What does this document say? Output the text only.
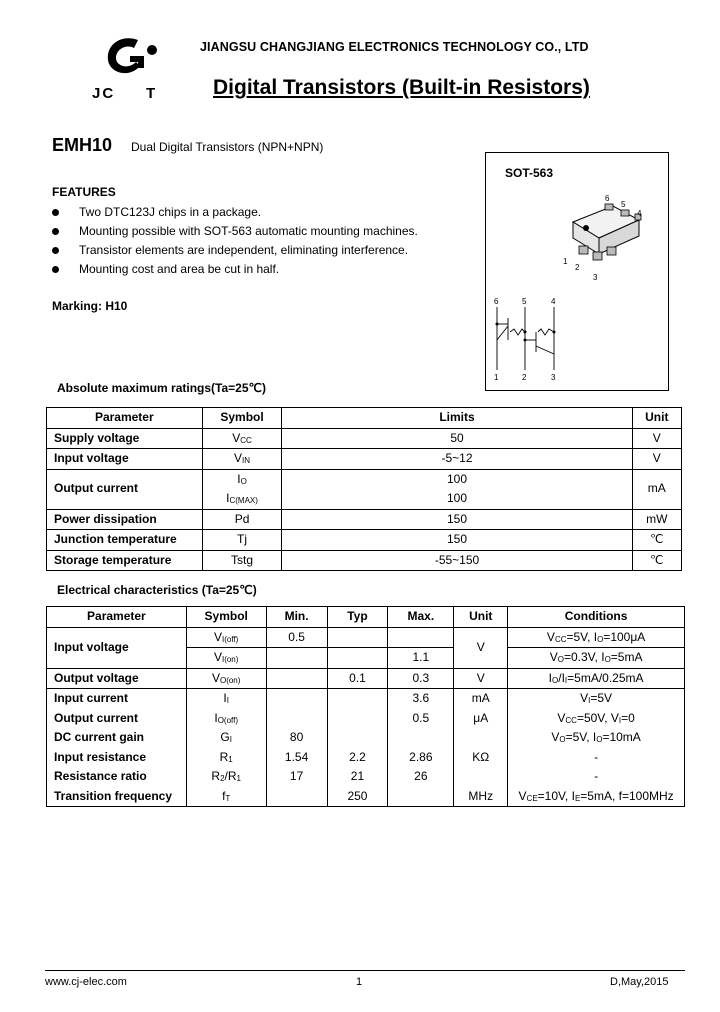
JC T
JIANGSU CHANGJIANG ELECTRONICS TECHNOLOGY CO., LTD
Digital Transistors (Built-in Resistors)
EMH10 Dual Digital Transistors (NPN+NPN)
FEATURES
Two DTC123J chips in a package.
Mounting possible with SOT-563 automatic mounting machines.
Transistor elements are independent, eliminating interference.
Mounting cost and area be cut in half.
Marking: H10
SOT-563
1
2
3
6
5
4
6	5	4
1	2	3
Absolute maximum ratings(Ta=25℃)
Parameter	Symbol	Limits	Unit
Supply voltage	$V_{CC}$	50	V
Input voltage	$V_{IN}$	-5~12	V
Output current	$I_O$	100	mA
	$I_{C(MAX)}$	100	
Power dissipation	Pd	150	mW
Junction temperature	Tj	150	℃
Storage temperature	Tstg	-55~150	℃
Electrical characteristics (Ta=25℃)
Parameter	Symbol	Min.	Typ	Max.	Unit	Conditions
Input voltage	$V_{I(off)}$	0.5			V	$V_{CC}=5V$, $I_O=100\mu A$
	$V_{I(on)}$			1.1		$V_O=0.3V$, $I_O=5mA$
Output voltage	$V_{O(on)}$		0.1	0.3	V	$I_O/I_I=5mA/0.25mA$
Input current	$I_I$			3.6	mA	$V_I=5V$
Output current	$I_{O(off)}$			0.5	μA	$V_{CC}=50V$, $V_I=0$
DC current gain	$G_I$	80				$V_O=5V$, $I_O=10mA$
Input resistance	$R_1$	1.54	2.2	2.86	KΩ	-
Resistance ratio	$R_2/R_1$	17	21	26		-
Transition frequency	$f_T$		250		MHz	$V_{CE}=10V$, $I_E=5mA$, f=100MHz
www.cj-elec.com	1	D,May,2015
